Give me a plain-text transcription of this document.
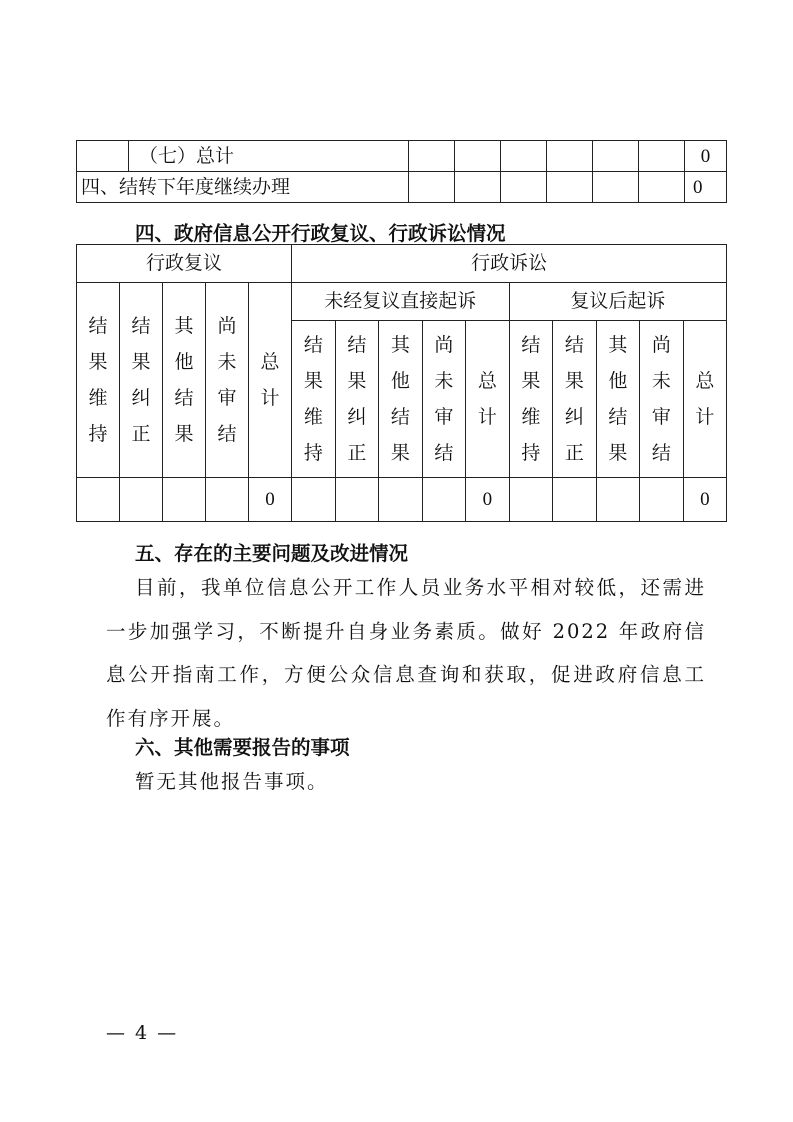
	（七）总计							0
四、结转下年度继续办理								0
四、政府信息公开行政复议、行政诉讼情况
行政复议					行政诉讼									
结果维持	结果纠正	其他结果	尚未审结	总计	未经复议直接起诉					复议后起诉				
					结果维持	结果纠正	其他结果	尚未审结	总计	结果维持	结果纠正	其他结果	尚未审结	总计
				0					0					0
五、存在的主要问题及改进情况
目前，我单位信息公开工作人员业务水平相对较低，还需进一步加强学习，不断提升自身业务素质。做好 2022 年政府信息公开指南工作，方便公众信息查询和获取，促进政府信息工作有序开展。
六、其他需要报告的事项
暂无其他报告事项。
— 4 —
